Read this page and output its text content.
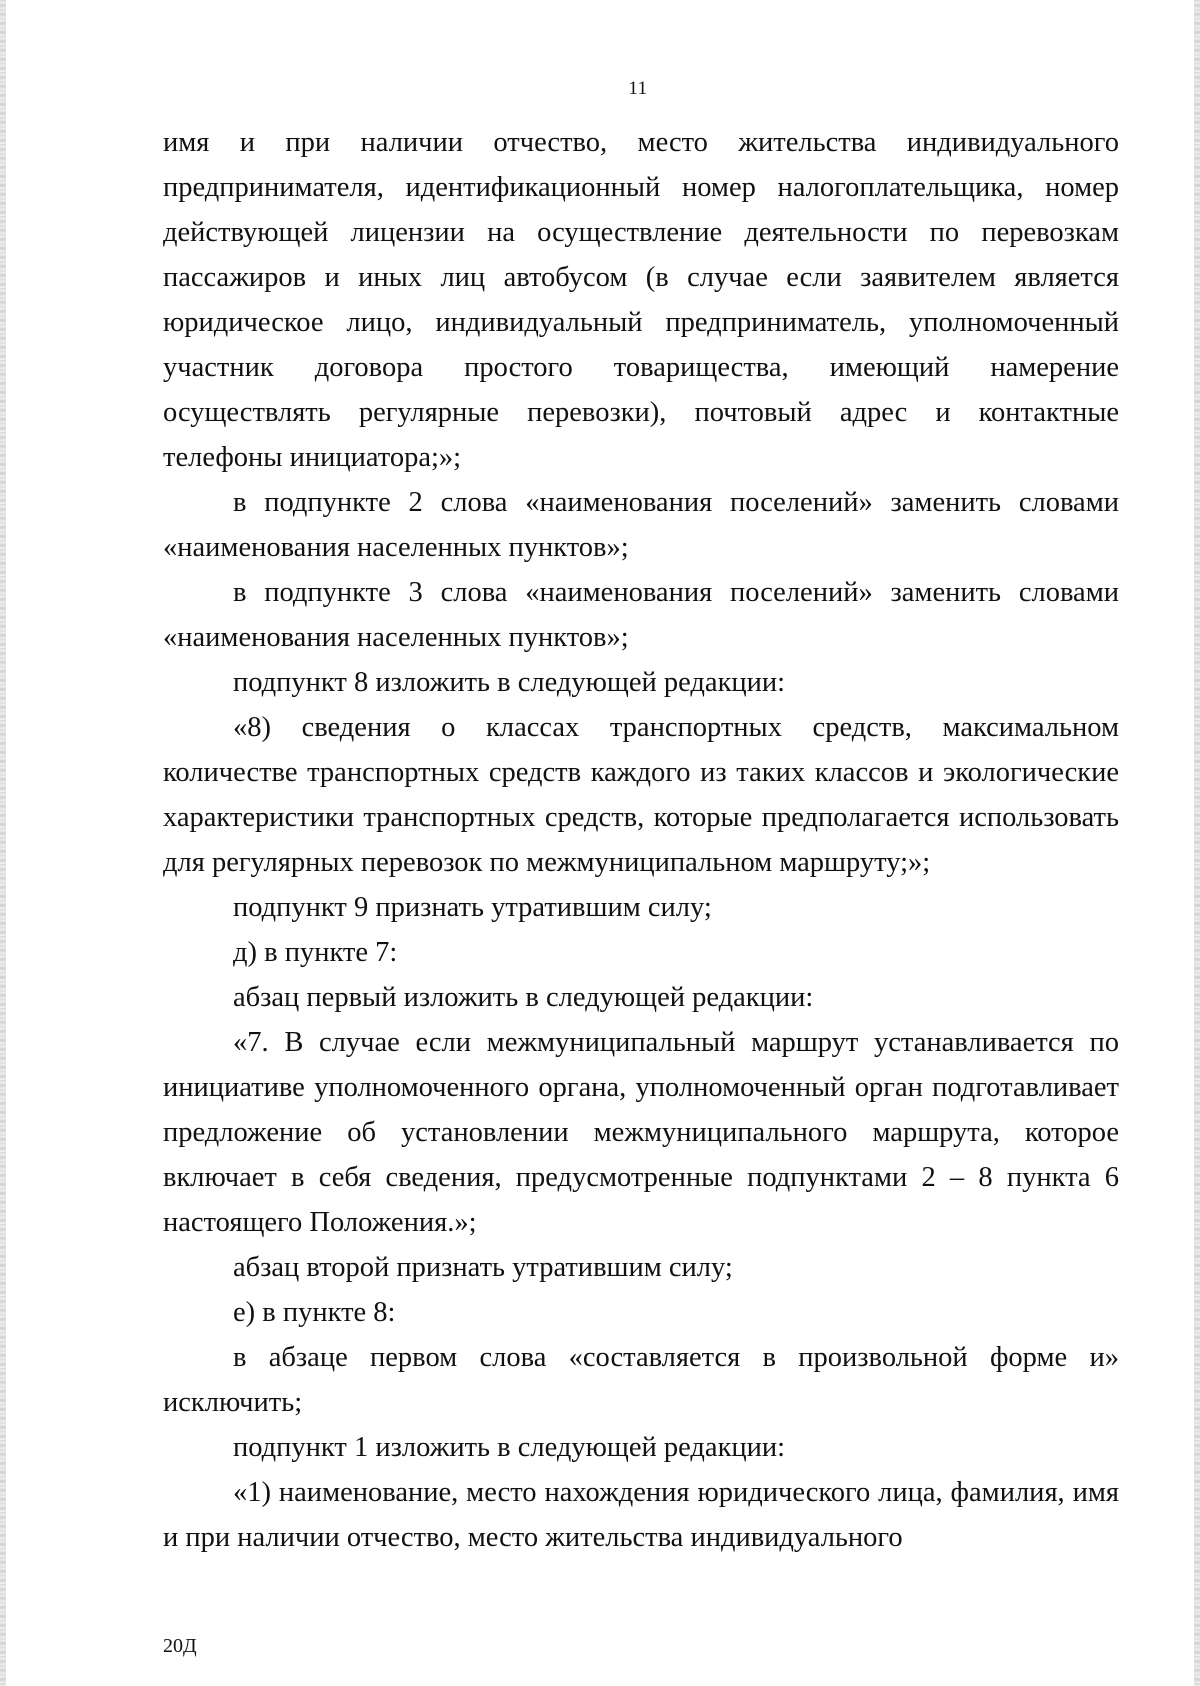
11

имя и при наличии отчество, место жительства индивидуального предпринимателя, идентификационный номер налогоплательщика, номер действующей лицензии на осуществление деятельности по перевозкам пассажиров и иных лиц автобусом (в случае если заявителем является юридическое лицо, индивидуальный предприниматель, уполномоченный участник договора простого товарищества, имеющий намерение осуществлять регулярные перевозки), почтовый адрес и контактные телефоны инициатора;»;

в подпункте 2 слова «наименования поселений» заменить словами «наименования населенных пунктов»;

в подпункте 3 слова «наименования поселений» заменить словами «наименования населенных пунктов»;

подпункт 8 изложить в следующей редакции:

«8) сведения о классах транспортных средств, максимальном количестве транспортных средств каждого из таких классов и экологические характеристики транспортных средств, которые предполагается использовать для регулярных перевозок по межмуниципальном маршруту;»;

подпункт 9 признать утратившим силу;

д) в пункте 7:

абзац первый изложить в следующей редакции:

«7. В случае если межмуниципальный маршрут устанавливается по инициативе уполномоченного органа, уполномоченный орган подготавливает предложение об установлении межмуниципального маршрута, которое включает в себя сведения, предусмотренные подпунктами 2 – 8 пункта 6 настоящего Положения.»;

абзац второй признать утратившим силу;

е) в пункте 8:

в абзаце первом слова «составляется в произвольной форме и» исключить;

подпункт 1 изложить в следующей редакции:

«1) наименование, место нахождения юридического лица, фамилия, имя и при наличии отчество, место жительства индивидуального

20Д
